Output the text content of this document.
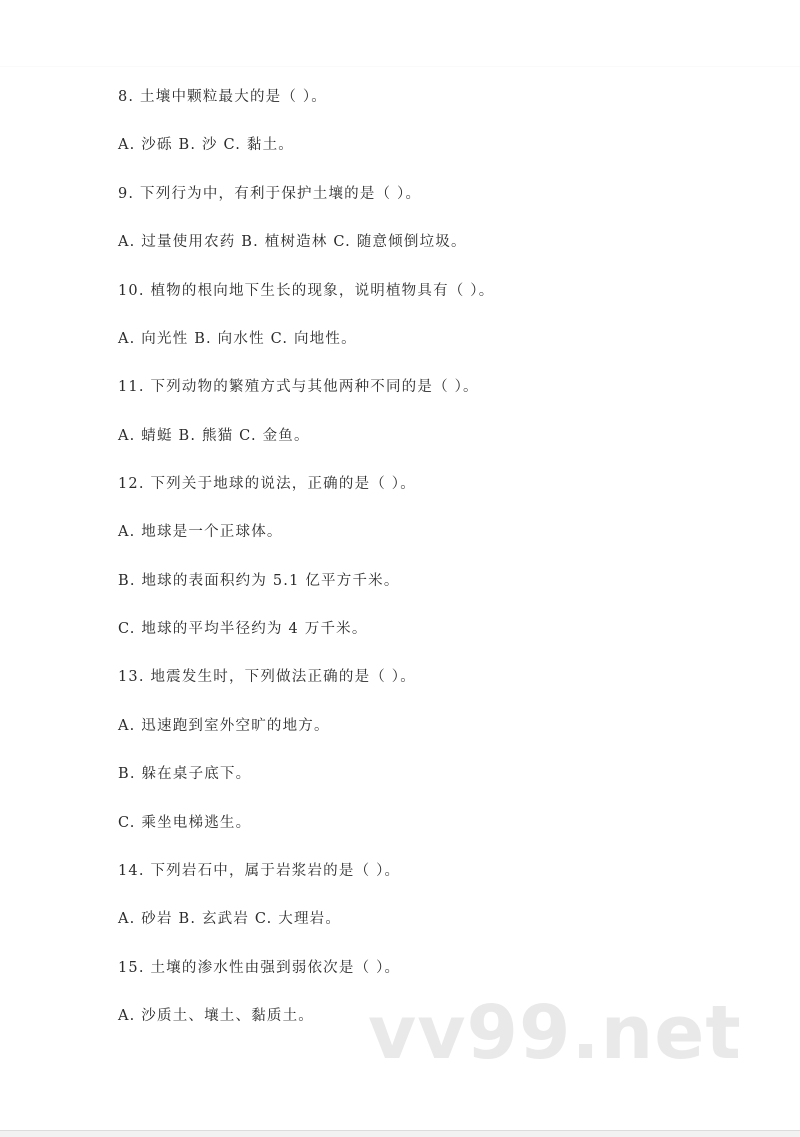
8. 土壤中颗粒最大的是（ ）。

A. 沙砾 B. 沙 C. 黏土。

9. 下列行为中，有利于保护土壤的是（ ）。

A. 过量使用农药 B. 植树造林 C. 随意倾倒垃圾。

10. 植物的根向地下生长的现象，说明植物具有（ ）。

A. 向光性 B. 向水性 C. 向地性。

11. 下列动物的繁殖方式与其他两种不同的是（ ）。

A. 蜻蜓 B. 熊猫 C. 金鱼。

12. 下列关于地球的说法，正确的是（ ）。

A. 地球是一个正球体。

B. 地球的表面积约为 5.1 亿平方千米。

C. 地球的平均半径约为 4 万千米。

13. 地震发生时，下列做法正确的是（ ）。

A. 迅速跑到室外空旷的地方。

B. 躲在桌子底下。

C. 乘坐电梯逃生。

14. 下列岩石中，属于岩浆岩的是（ ）。

A. 砂岩 B. 玄武岩 C. 大理岩。

15. 土壤的渗水性由强到弱依次是（ ）。

A. 沙质土、壤土、黏质土。 vv99.net
